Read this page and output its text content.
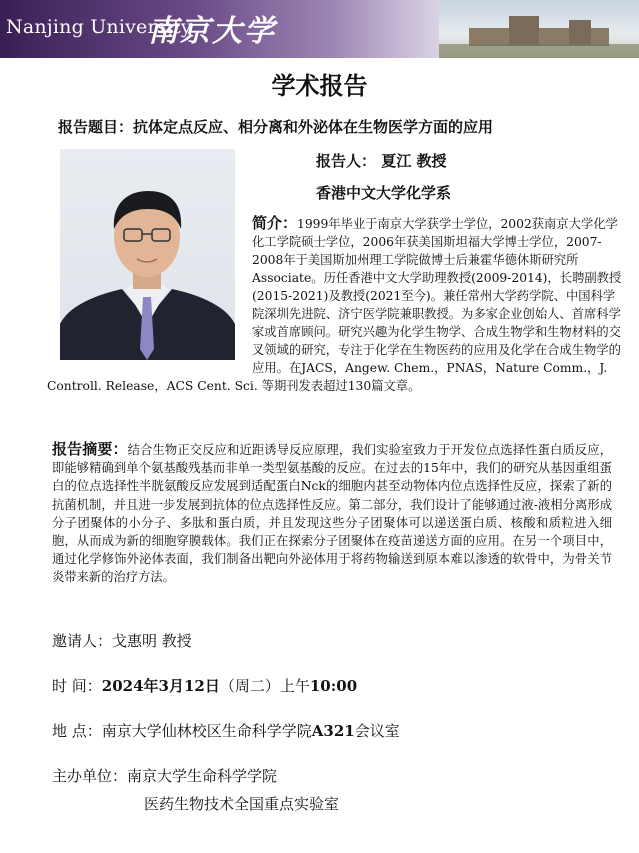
Nanjing University
南京大学
学术报告
报告题目：抗体定点反应、相分离和外泌体在生物医学方面的应用
报告人： 夏江 教授
香港中文大学化学系
简介：1999年毕业于南京大学获学士学位，2002获南京大学化学化工学院硕士学位，2006年获美国斯坦福大学博士学位，2007-2008年于美国斯加州理工学院做博士后兼霍华德休斯研究所Associate。历任香港中文大学助理教授(2009-2014)，长聘副教授(2015-2021)及教授(2021至今)。兼任常州大学药学院、中国科学院深圳先进院、济宁医学院兼职教授。为多家企业创始人、首席科学家或首席顾问。研究兴趣为化学生物学、合成生物学和生物材料的交叉领域的研究，专注于化学在生物医药的应用及化学在合成生物学的应用。在JACS，Angew. Chem.，PNAS，Nature Comm.，J. Controll. Release，ACS Cent. Sci. 等期刊发表超过130篇文章。
报告摘要：结合生物正交反应和近距诱导反应原理，我们实验室致力于开发位点选择性蛋白质反应，即能够精确到单个氨基酸残基而非单一类型氨基酸的反应。在过去的15年中，我们的研究从基因重组蛋白的位点选择性半胱氨酸反应发展到适配蛋白Nck的细胞内甚至动物体内位点选择性反应，探索了新的抗菌机制，并且进一步发展到抗体的位点选择性反应。第二部分，我们设计了能够通过液-液相分离形成分子团聚体的小分子、多肽和蛋白质，并且发现这些分子团聚体可以递送蛋白质、核酸和质粒进入细胞，从而成为新的细胞穿膜载体。我们正在探索分子团聚体在疫苗递送方面的应用。在另一个项目中，通过化学修饰外泌体表面，我们制备出靶向外泌体用于将药物输送到原本难以渗透的软骨中，为骨关节炎带来新的治疗方法。
邀请人：戈惠明 教授
时 间：2024年3月12日（周二）上午10:00
地 点：南京大学仙林校区生命科学学院A321会议室
主办单位：南京大学生命科学学院
医药生物技术全国重点实验室
